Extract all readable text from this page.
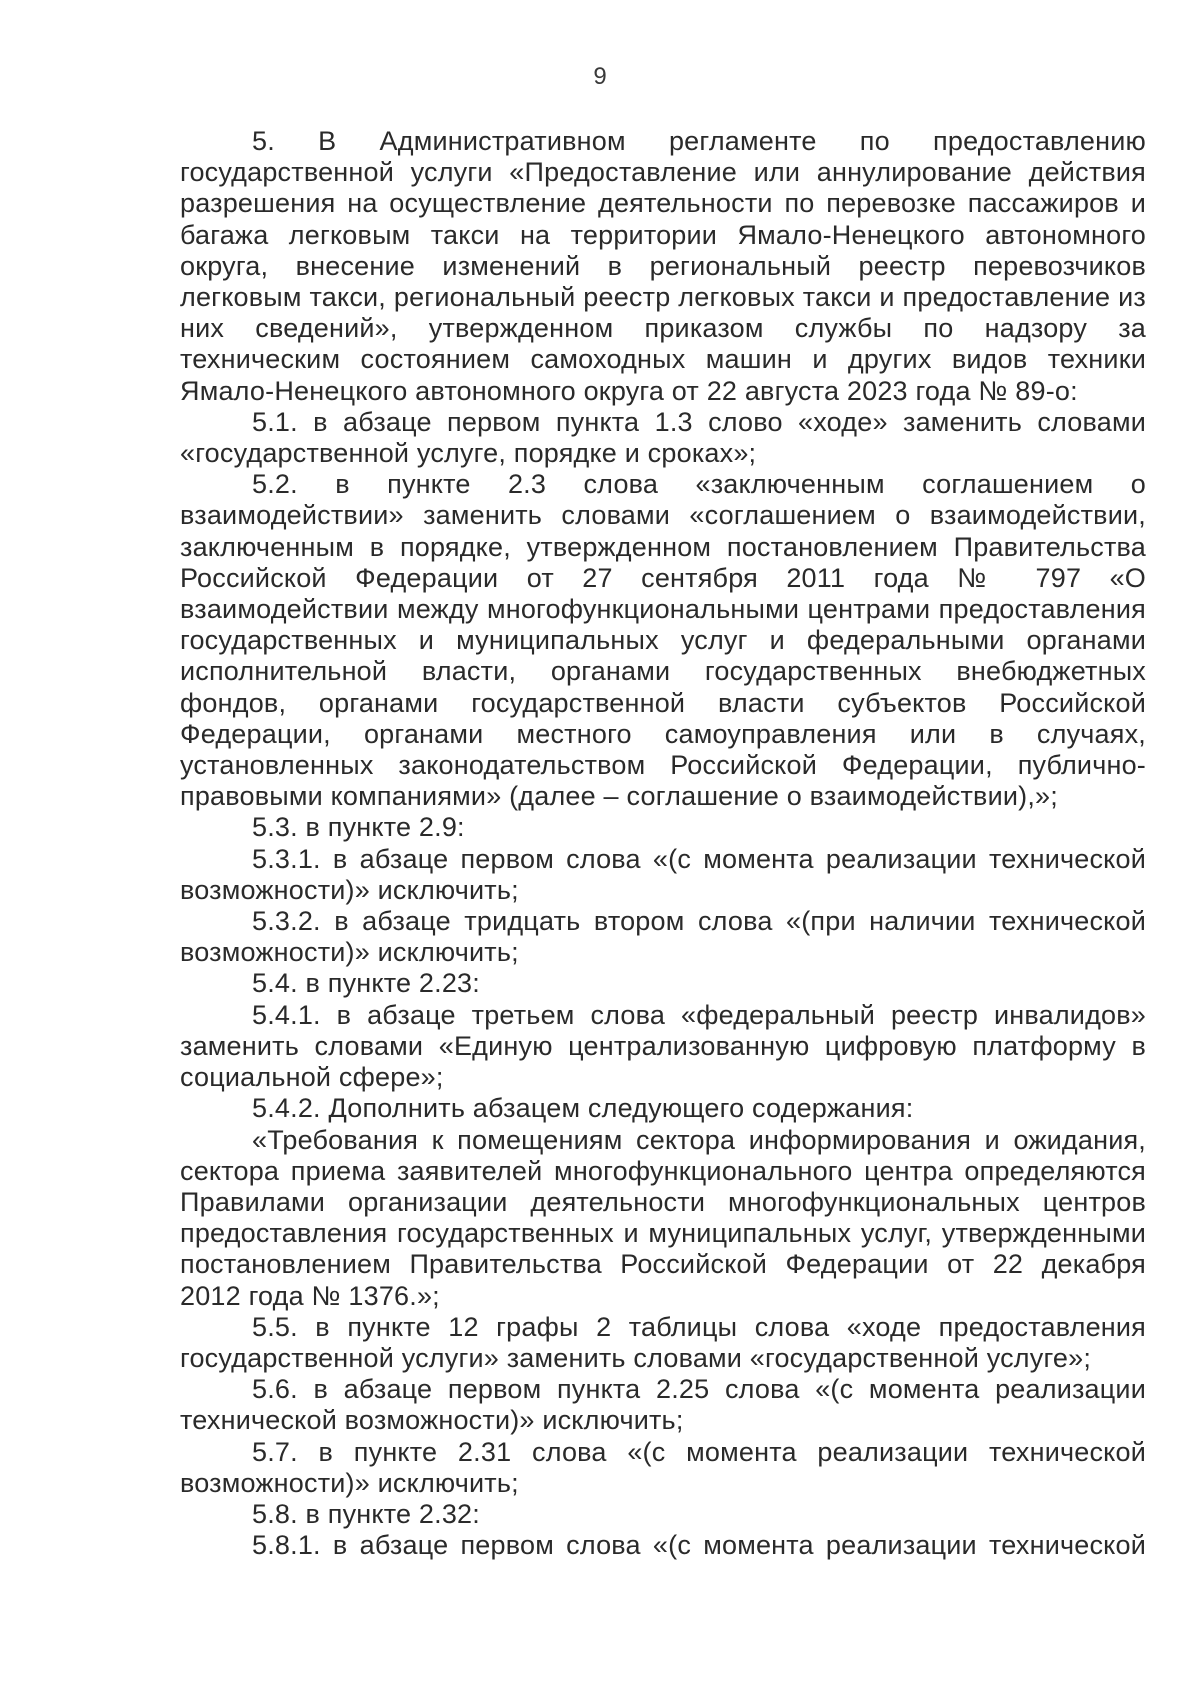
9

5. В Административном регламенте по предоставлению государственной услуги «Предоставление или аннулирование действия разрешения на осуществление деятельности по перевозке пассажиров и багажа легковым такси на территории Ямало-Ненецкого автономного округа, внесение изменений в региональный реестр перевозчиков легковым такси, региональный реестр легковых такси и предоставление из них сведений», утвержденном приказом службы по надзору за техническим состоянием самоходных машин и других видов техники Ямало-Ненецкого автономного округа от 22 августа 2023 года № 89-о:

5.1. в абзаце первом пункта 1.3 слово «ходе» заменить словами «государственной услуге, порядке и сроках»;

5.2. в пункте 2.3 слова «заключенным соглашением о взаимодействии» заменить словами «соглашением о взаимодействии, заключенным в порядке, утвержденном постановлением Правительства Российской Федерации от 27 сентября 2011 года № 797 «О взаимодействии между многофункциональными центрами предоставления государственных и муниципальных услуг и федеральными органами исполнительной власти, органами государственных внебюджетных фондов, органами государственной власти субъектов Российской Федерации, органами местного самоуправления или в случаях, установленных законодательством Российской Федерации, публично-правовыми компаниями» (далее – соглашение о взаимодействии),»;

5.3. в пункте 2.9:

5.3.1. в абзаце первом слова «(с момента реализации технической возможности)» исключить;

5.3.2. в абзаце тридцать втором слова «(при наличии технической возможности)» исключить;

5.4. в пункте 2.23:

5.4.1. в абзаце третьем слова «федеральный реестр инвалидов» заменить словами «Единую централизованную цифровую платформу в социальной сфере»;

5.4.2. Дополнить абзацем следующего содержания:

«Требования к помещениям сектора информирования и ожидания, сектора приема заявителей многофункционального центра определяются Правилами организации деятельности многофункциональных центров предоставления государственных и муниципальных услуг, утвержденными постановлением Правительства Российской Федерации от 22 декабря 2012 года № 1376.»;

5.5. в пункте 12 графы 2 таблицы слова «ходе предоставления государственной услуги» заменить словами «государственной услуге»;

5.6. в абзаце первом пункта 2.25 слова «(с момента реализации технической возможности)» исключить;

5.7. в пункте 2.31 слова «(с момента реализации технической возможности)» исключить;

5.8. в пункте 2.32:

5.8.1. в абзаце первом слова «(с момента реализации технической
